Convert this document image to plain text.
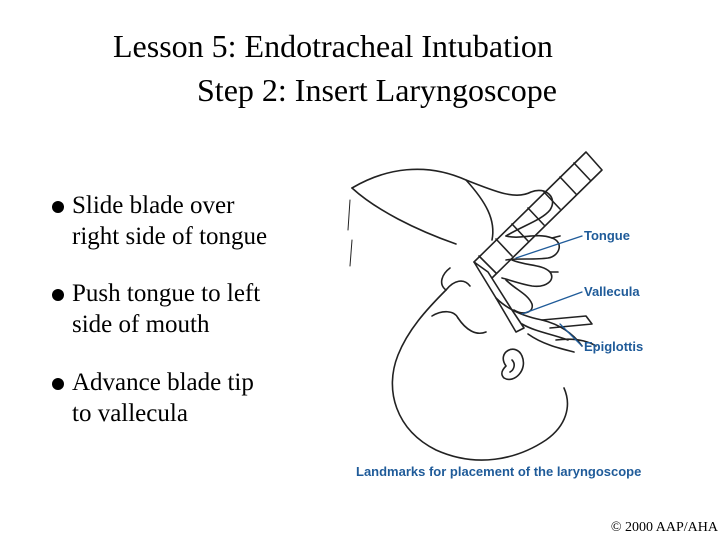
Lesson 5: Endotracheal Intubation
Step 2: Insert Laryngoscope
Slide blade over
right side of tongue
Push tongue to left
side of mouth
Advance blade tip
to vallecula
Tongue
Vallecula
Epiglottis
Landmarks for placement of the laryngoscope
© 2000 AAP/AHA
